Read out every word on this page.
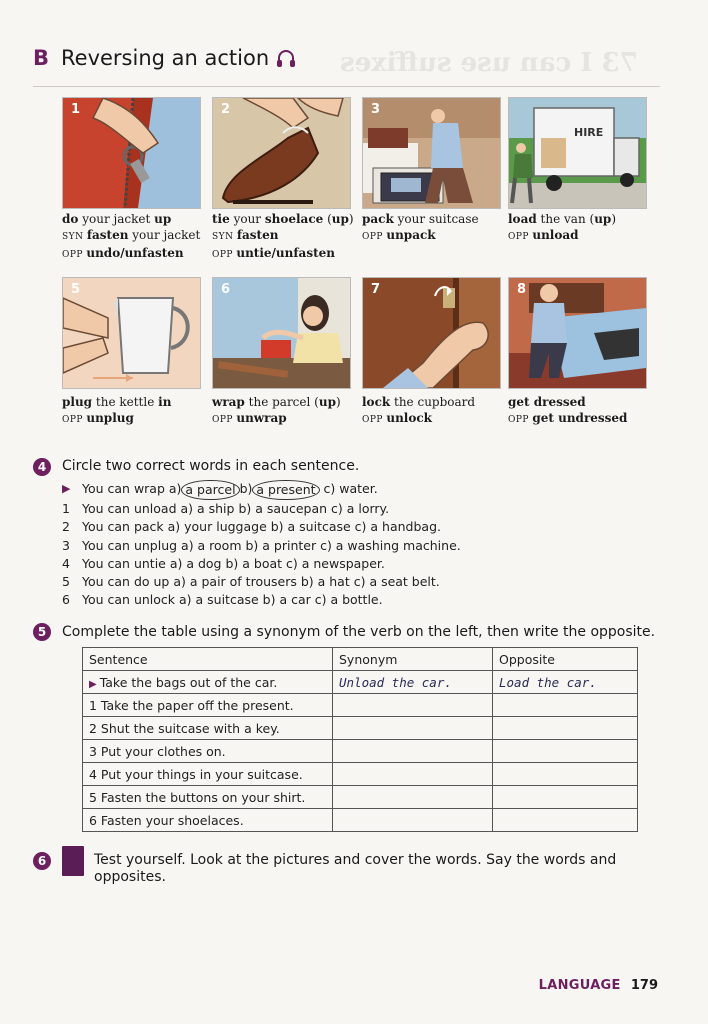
73 I can use suffixes
B Reversing an action
1	2	3
HIRE
do your jacket up
SYN fasten your jacket
OPP undo/unfasten
tie your shoelace (up)
SYN fasten
OPP untie/unfasten
pack your suitcase
OPP unpack
load the van (up)
OPP unload
5	6	7	8
plug the kettle in
OPP unplug
wrap the parcel (up)
OPP unwrap
lock the cupboard
OPP unlock
get dressed
OPP get undressed
4	Circle two correct words in each sentence.
▶ You can wrap a) a parcel b) a present c) water.
1 You can unload a) a ship b) a saucepan c) a lorry.
2 You can pack a) your luggage b) a suitcase c) a handbag.
3 You can unplug a) a room b) a printer c) a washing machine.
4 You can untie a) a dog b) a boat c) a newspaper.
5 You can do up a) a pair of trousers b) a hat c) a seat belt.
6 You can unlock a) a suitcase b) a car c) a bottle.
5	Complete the table using a synonym of the verb on the left, then write the opposite.
Sentence	Synonym	Opposite
▶ Take the bags out of the car.	Unload the car.	Load the car.
1 Take the paper off the present.		
2 Shut the suitcase with a key.		
3 Put your clothes on.		
4 Put your things in your suitcase.		
5 Fasten the buttons on your shirt.		
6 Fasten your shoelaces.		
6	Test yourself. Look at the pictures and cover the words. Say the words and opposites.
LANGUAGE 179
